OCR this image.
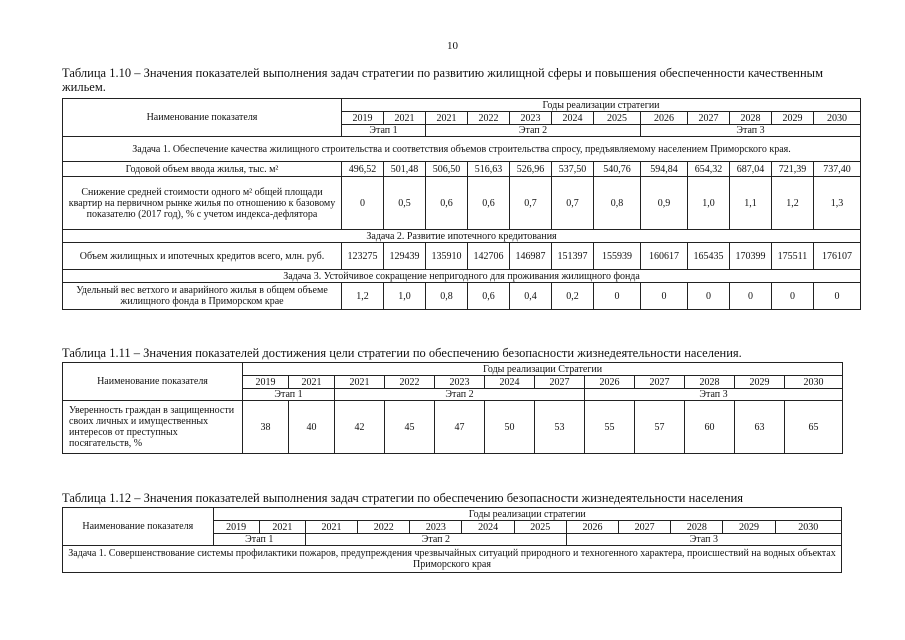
10
Таблица 1.10 – Значения показателей выполнения задач стратегии по развитию жилищной сферы и повышения обеспеченности качественным жильем.
Наименование показателя	Годы реализации стратегии											
	2019	2021	2021	2022	2023	2024	2025	2026	2027	2028	2029	2030
	Этап 1		Этап 2					Этап 3				
Задача 1. Обеспечение качества жилищного строительства и соответствия объемов строительства спросу, предъявляемому населением Приморского края.												
Годовой объем ввода жилья, тыс. м²	496,52	501,48	506,50	516,63	526,96	537,50	540,76	594,84	654,32	687,04	721,39	737,40
Снижение средней стоимости одного м² общей площади квартир на первичном рынке жилья по отношению к базовому показателю (2017 год), % с учетом индекса-дефлятора	0	0,5	0,6	0,6	0,7	0,7	0,8	0,9	1,0	1,1	1,2	1,3
Задача 2. Развитие ипотечного кредитования												
Объем жилищных и ипотечных кредитов всего, млн. руб.	123275	129439	135910	142706	146987	151397	155939	160617	165435	170399	175511	176107
Задача 3. Устойчивое сокращение непригодного для проживания жилищного фонда												
Удельный вес ветхого и аварийного жилья в общем объеме жилищного фонда в Приморском крае	1,2	1,0	0,8	0,6	0,4	0,2	0	0	0	0	0	0
Таблица 1.11 – Значения показателей достижения цели стратегии по обеспечению безопасности жизнедеятельности населения.
Наименование показателя	Годы реализации Стратегии											
	2019	2021	2021	2022	2023	2024	2027	2026	2027	2028	2029	2030
	Этап 1		Этап 2					Этап 3				
Уверенность граждан в защищенности своих личных и имущественных интересов от преступных посягательств, %	38	40	42	45	47	50	53	55	57	60	63	65
Таблица 1.12 – Значения показателей выполнения задач стратегии по обеспечению безопасности жизнедеятельности населения
Наименование показателя	Годы реализации стратегии											
	2019	2021	2021	2022	2023	2024	2025	2026	2027	2028	2029	2030
	Этап 1		Этап 2					Этап 3				
Задача 1. Совершенствование системы профилактики пожаров, предупреждения чрезвычайных ситуаций природного и техногенного характера, происшествий на водных объектах Приморского края												
